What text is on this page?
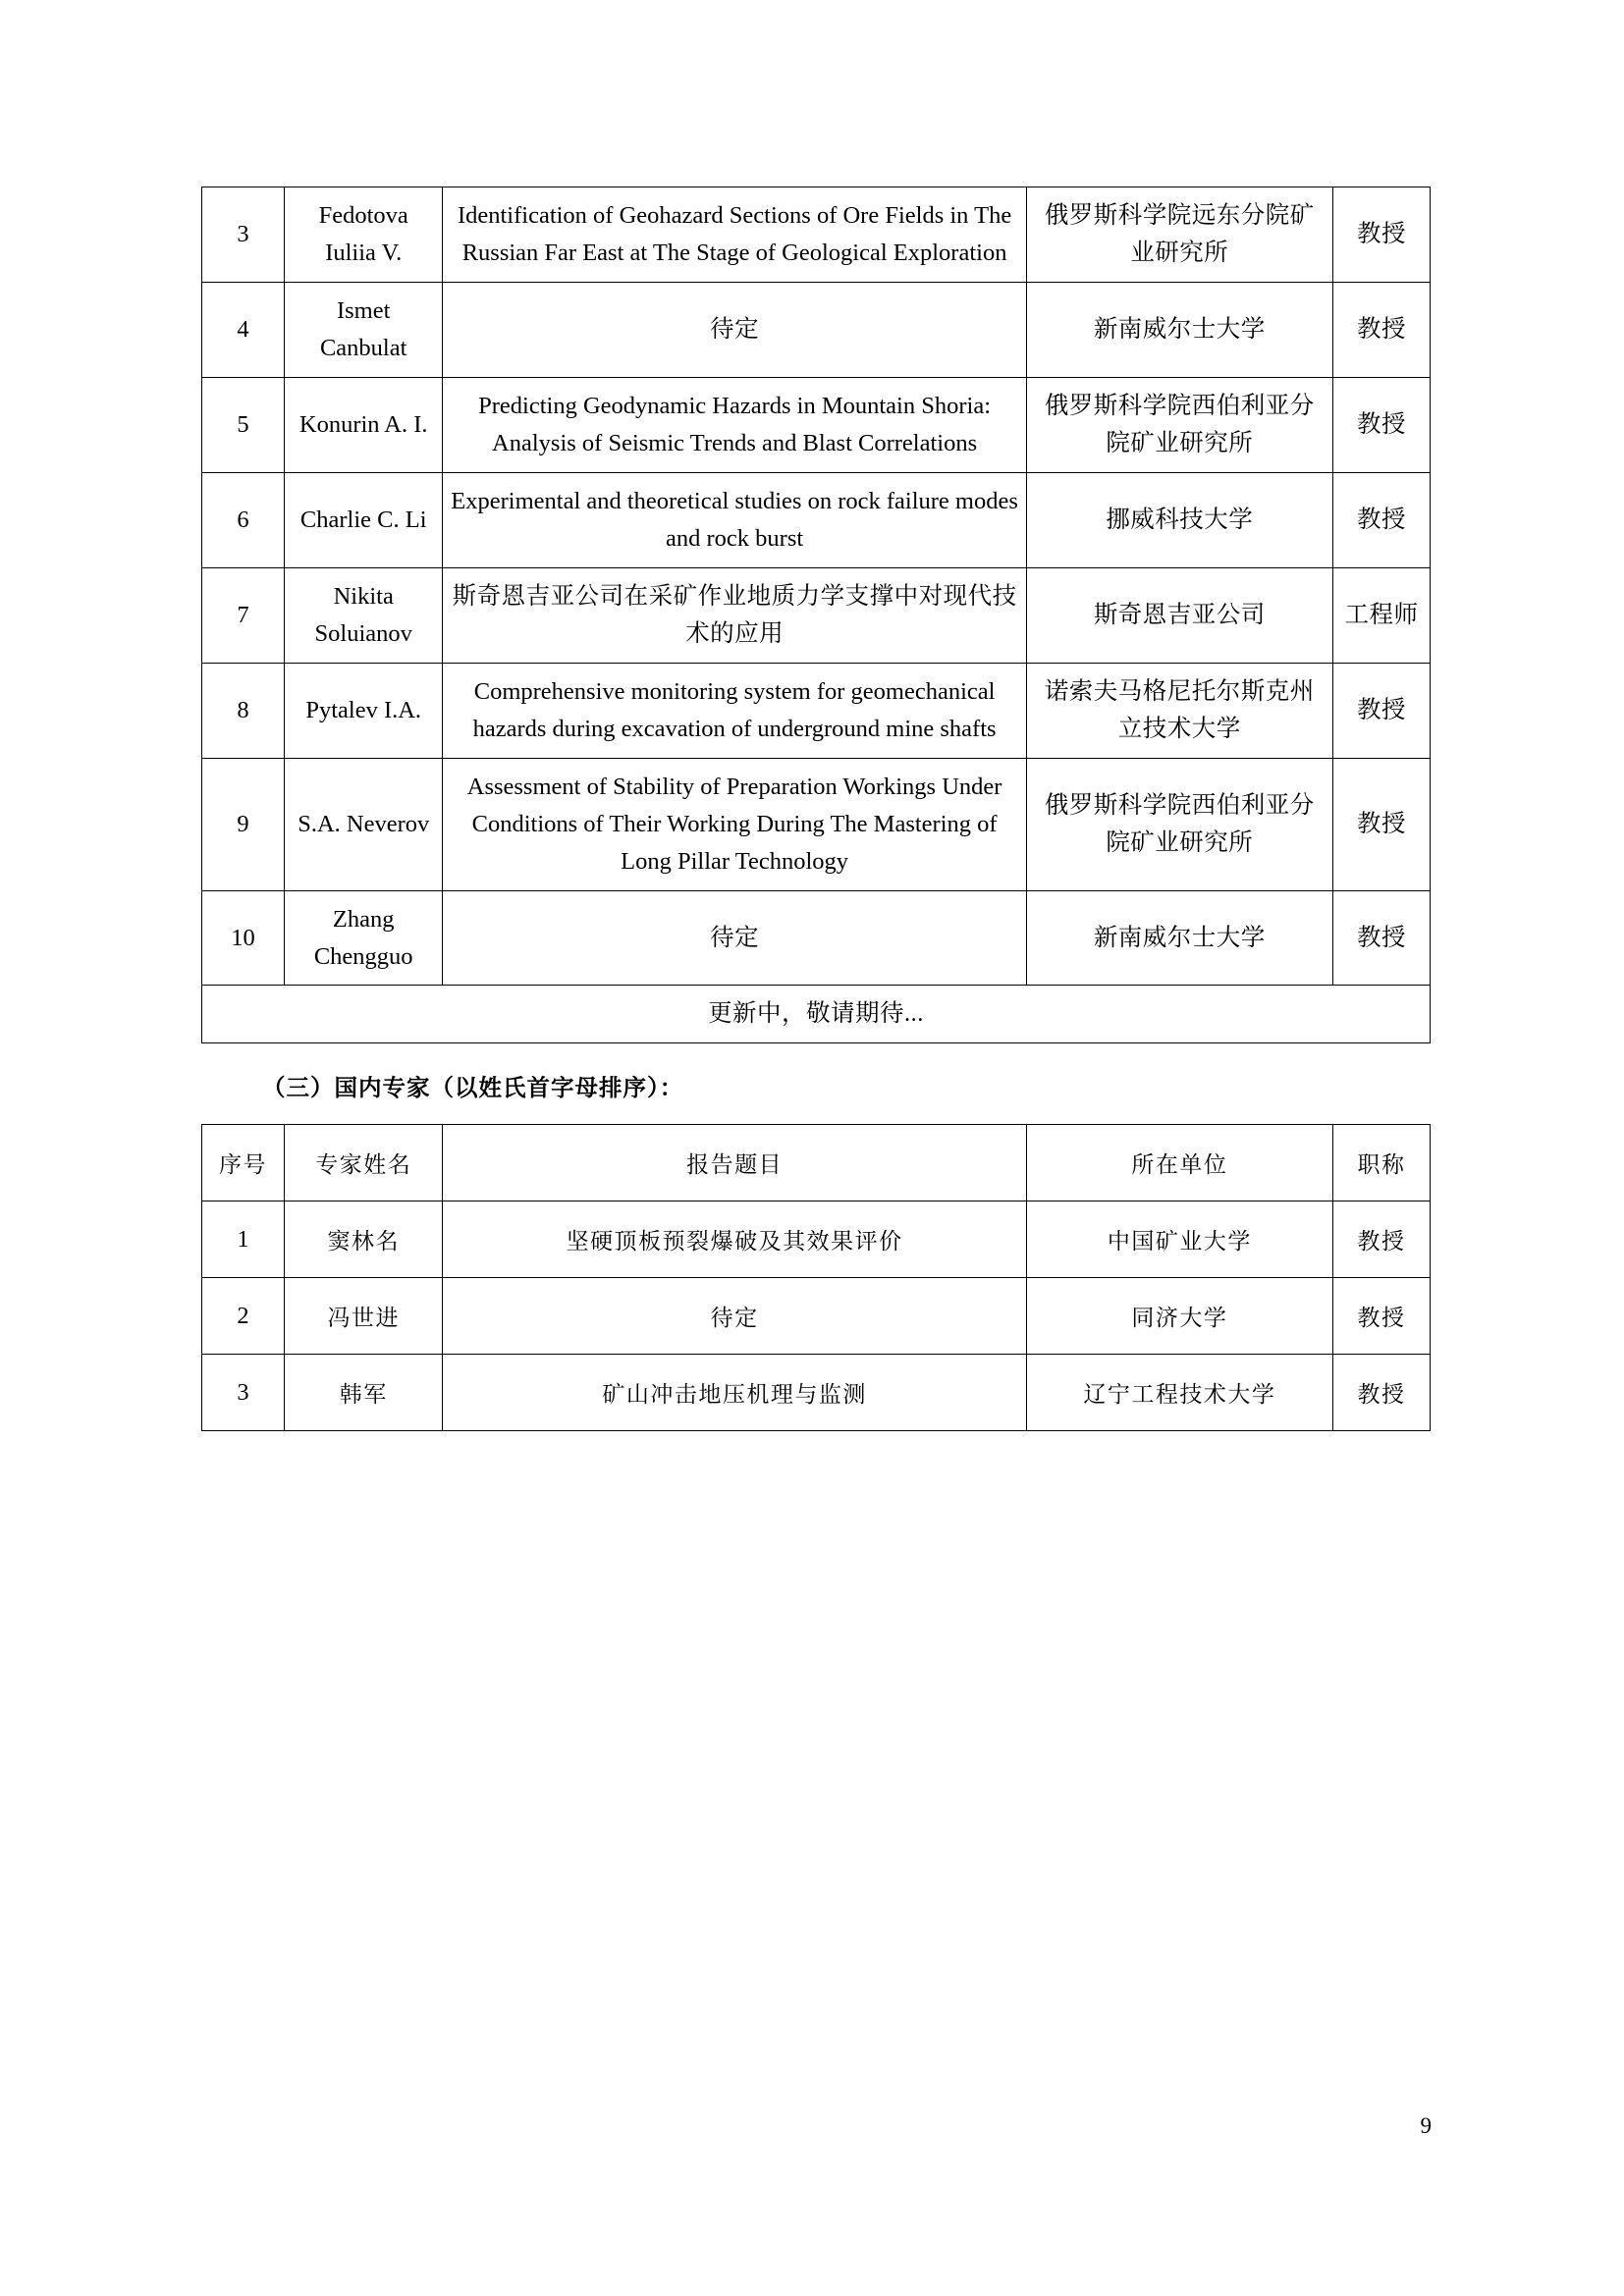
3	Fedotova Iuliia V.	Identification of Geohazard Sections of Ore Fields in The Russian Far East at The Stage of Geological Exploration	俄罗斯科学院远东分院矿业研究所	教授
4	Ismet Canbulat	待定	新南威尔士大学	教授
5	Konurin A. I.	Predicting Geodynamic Hazards in Mountain Shoria: Analysis of Seismic Trends and Blast Correlations	俄罗斯科学院西伯利亚分院矿业研究所	教授
6	Charlie C. Li	Experimental and theoretical studies on rock failure modes and rock burst	挪威科技大学	教授
7	Nikita Soluianov	斯奇恩吉亚公司在采矿作业地质力学支撑中对现代技术的应用	斯奇恩吉亚公司	工程师
8	Pytalev I.A.	Comprehensive monitoring system for geomechanical hazards during excavation of underground mine shafts	诺索夫马格尼托尔斯克州立技术大学	教授
9	S.A. Neverov	Assessment of Stability of Preparation Workings Under Conditions of Their Working During The Mastering of Long Pillar Technology	俄罗斯科学院西伯利亚分院矿业研究所	教授
10	Zhang Chengguo	待定	新南威尔士大学	教授
更新中，敬请期待...				
（三）国内专家（以姓氏首字母排序）：
序号	专家姓名	报告题目	所在单位	职称
1	窦林名	坚硬顶板预裂爆破及其效果评价	中国矿业大学	教授
2	冯世进	待定	同济大学	教授
3	韩军	矿山冲击地压机理与监测	辽宁工程技术大学	教授
9
